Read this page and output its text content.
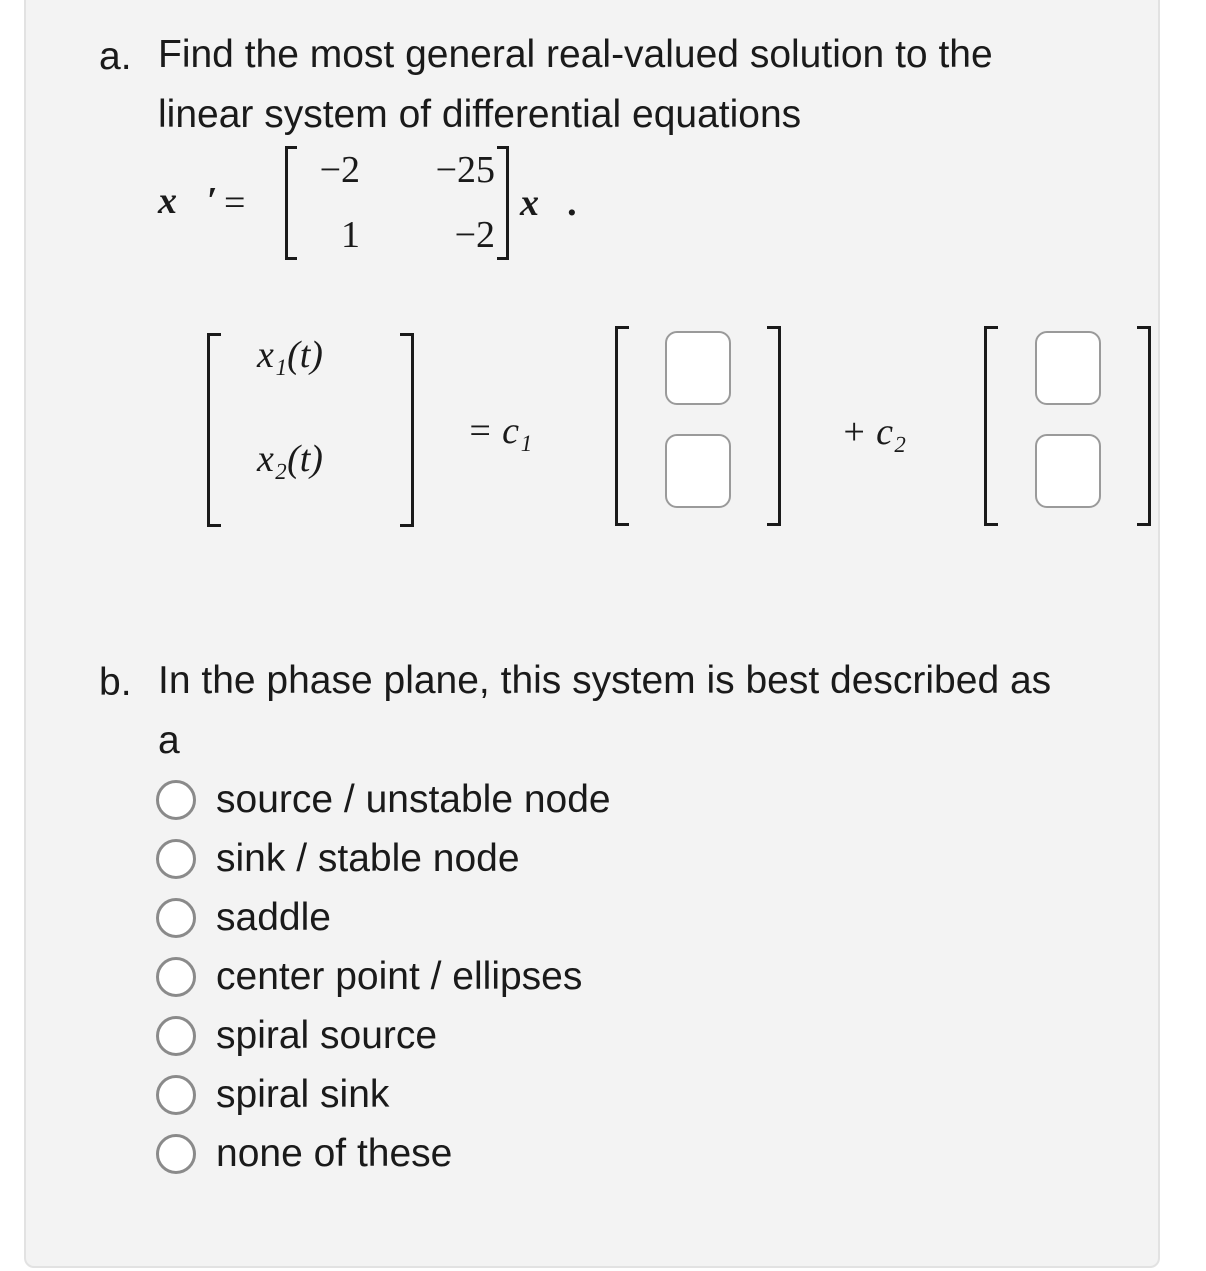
a. Find the most general real-valued solution to the
linear system of differential equations
x⃗′ =
−2	−25
1	−2
x⃗.
x₁(t)
x₂(t)
= c₁	+ c₂
b. In the phase plane, this system is best described as
a
source / unstable node
sink / stable node
saddle
center point / ellipses
spiral source
spiral sink
none of these
